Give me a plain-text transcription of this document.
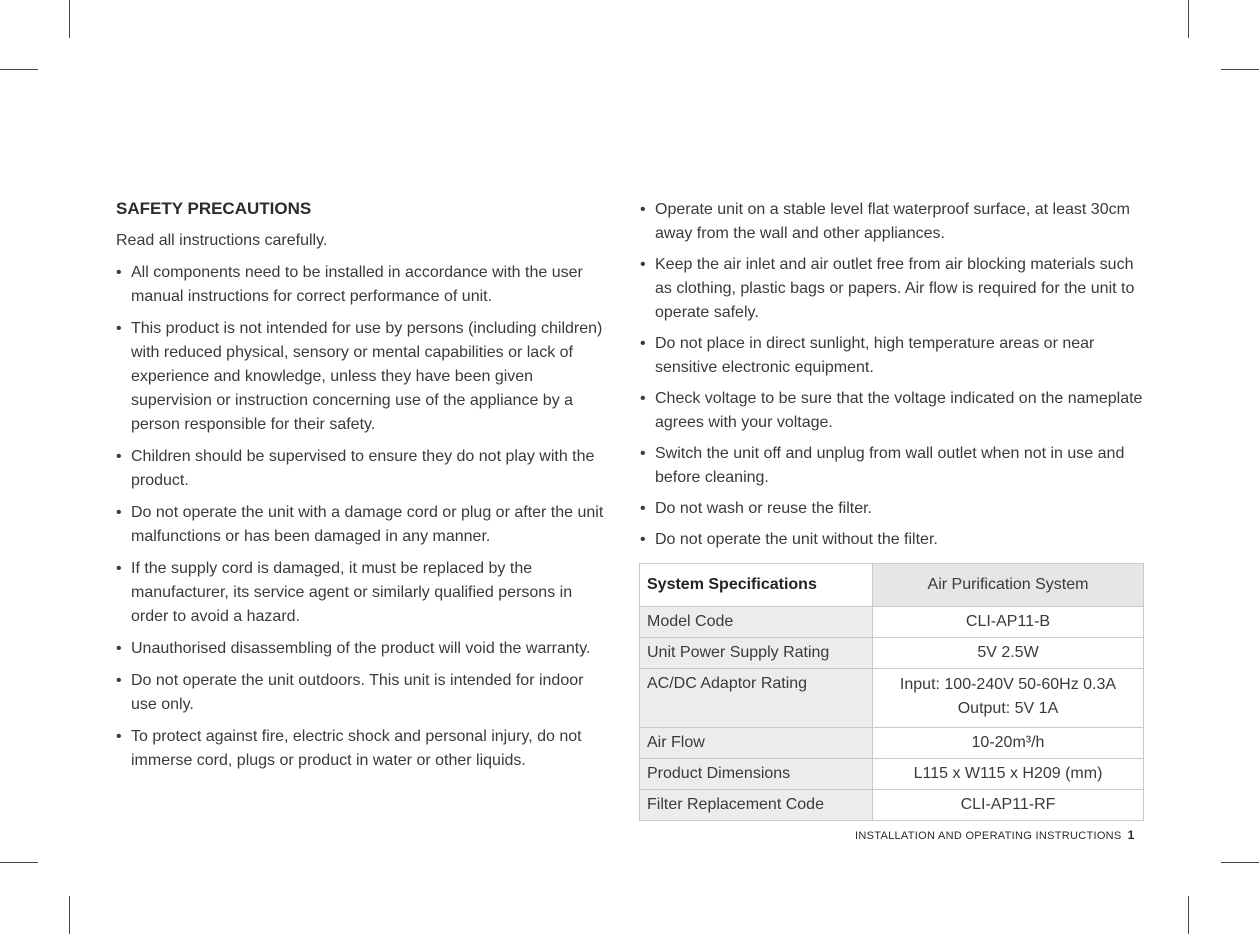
SAFETY PRECAUTIONS
Read all instructions carefully.
• All components need to be installed in accordance with the user manual instructions for correct performance of unit.
• This product is not intended for use by persons (including children) with reduced physical, sensory or mental capabilities or lack of experience and knowledge, unless they have been given supervision or instruction concerning use of the appliance by a person responsible for their safety.
• Children should be supervised to ensure they do not play with the product.
• Do not operate the unit with a damage cord or plug or after the unit malfunctions or has been damaged in any manner.
• If the supply cord is damaged, it must be replaced by the manufacturer, its service agent or similarly qualified persons in order to avoid a hazard.
• Unauthorised disassembling of the product will void the warranty.
• Do not operate the unit outdoors. This unit is intended for indoor use only.
• To protect against fire, electric shock and personal injury, do not immerse cord, plugs or product in water or other liquids.
• Operate unit on a stable level flat waterproof surface, at least 30cm away from the wall and other appliances.
• Keep the air inlet and air outlet free from air blocking materials such as clothing, plastic bags or papers. Air flow is required for the unit to operate safely.
• Do not place in direct sunlight, high temperature areas or near sensitive electronic equipment.
• Check voltage to be sure that the voltage indicated on the nameplate agrees with your voltage.
• Switch the unit off and unplug from wall outlet when not in use and before cleaning.
• Do not wash or reuse the filter.
• Do not operate the unit without the filter.
System Specifications	Air Purification System
Model Code	CLI-AP11-B
Unit Power Supply Rating	5V 2.5W
AC/DC Adaptor Rating	Input: 100-240V 50-60Hz 0.3A
Output: 5V 1A

Air Flow	10-20m³/h
Product Dimensions	L115 x W115 x H209 (mm)
Filter Replacement Code	CLI-AP11-RF
INSTALLATION AND OPERATING INSTRUCTIONS 1
